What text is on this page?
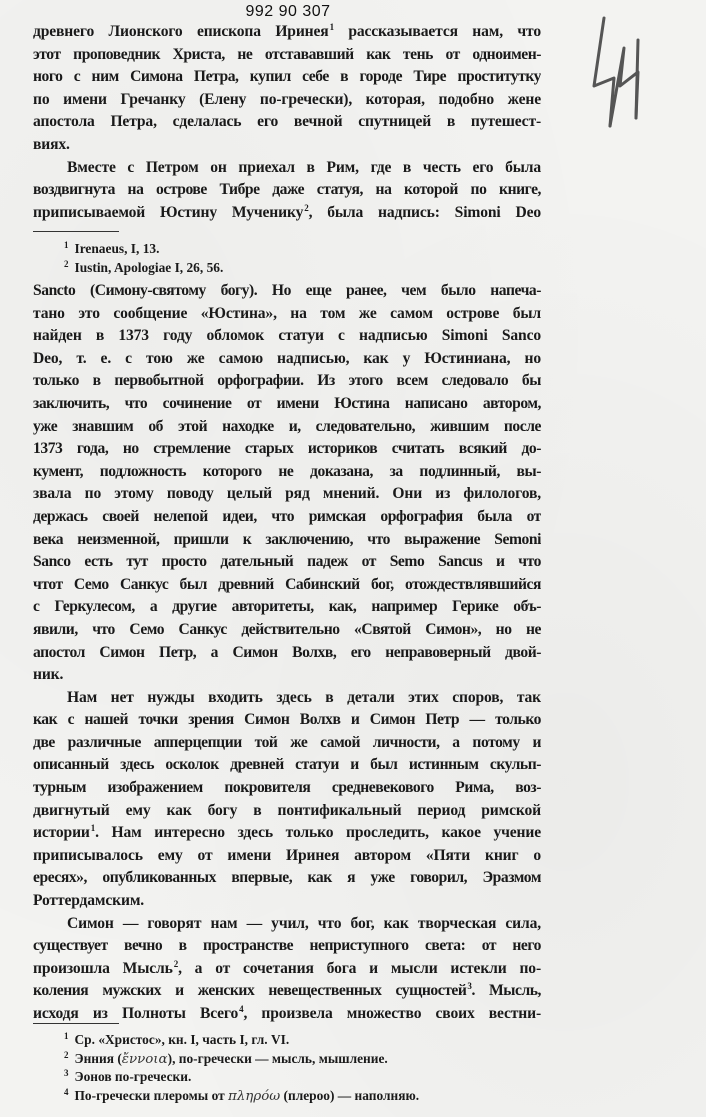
992 90 307
древнего Лионского епископа Иринея$^1$ рассказывается нам, что
этот проповедник Христа, не отстававший как тень от одноимен-
ного с ним Симона Петра, купил себе в городе Тире проститутку
по имени Гречанку (Елену по-гречески), которая, подобно жене
апостола Петра, сделалась его вечной спутницей в путешест-
виях.
Вместе с Петром он приехал в Рим, где в честь его была
воздвигнута на острове Тибре даже статуя, на которой по книге,
приписываемой Юстину Мученику$^2$, была надпись: Simoni Deo
$^1$ Irenaeus, I, 13.
$^2$ Iustin, Apologiae I, 26, 56.
Sancto (Симону-святому богу). Но еще ранее, чем было напеча-
тано это сообщение «Юстина», на том же самом острове был
найден в 1373 году обломок статуи с надписью Simoni Sanco
Deo, т. е. с тою же самою надписью, как у Юстиниана, но
только в первобытной орфографии. Из этого всем следовало бы
заключить, что сочинение от имени Юстина написано автором,
уже знавшим об этой находке и, следовательно, жившим после
1373 года, но стремление старых историков считать всякий до-
кумент, подложность которого не доказана, за подлинный, вы-
звала по этому поводу целый ряд мнений. Они из филологов,
держась своей нелепой идеи, что римская орфография была от
века неизменной, пришли к заключению, что выражение Semoni
Sanco есть тут просто дательный падеж от Semo Sancus и что
чтот Семо Санкус был древний Сабинский бог, отождествлявшийся
с Геркулесом, а другие авторитеты, как, например Герике объ-
явили, что Семо Санкус действительно «Святой Симон», но не
апостол Симон Петр, а Симон Волхв, его неправоверный двой-
ник.
Нам нет нужды входить здесь в детали этих споров, так
как с нашей точки зрения Симон Волхв и Симон Петр — только
две различные апперцепции той же самой личности, а потому и
описанный здесь осколок древней статуи и был истинным скульп-
турным изображением покровителя средневекового Рима, воз-
двигнутый ему как богу в понтификальный период римской
истории$^1$. Нам интересно здесь только проследить, какое учение
приписывалось ему от имени Иринея автором «Пяти книг о
ересях», опубликованных впервые, как я уже говорил, Эразмом
Роттердамским.
Симон — говорят нам — учил, что бог, как творческая сила,
существует вечно в пространстве неприступного света: от него
произошла Мысль$^2$, а от сочетания бога и мысли истекли по-
коления мужских и женских невещественных сущностей$^3$. Мысль,
исходя из Полноты Всего$^4$, произвела множество своих вестни-
$^1$ Ср. «Христос», кн. I, часть I, гл. VI.
$^2$ Энния (ἔννοια), по-гречески — мысль, мышление.
$^3$ Эонов по-гречески.
$^4$ По-гречески плеромы от πληρόω (плероо) — наполняю.
